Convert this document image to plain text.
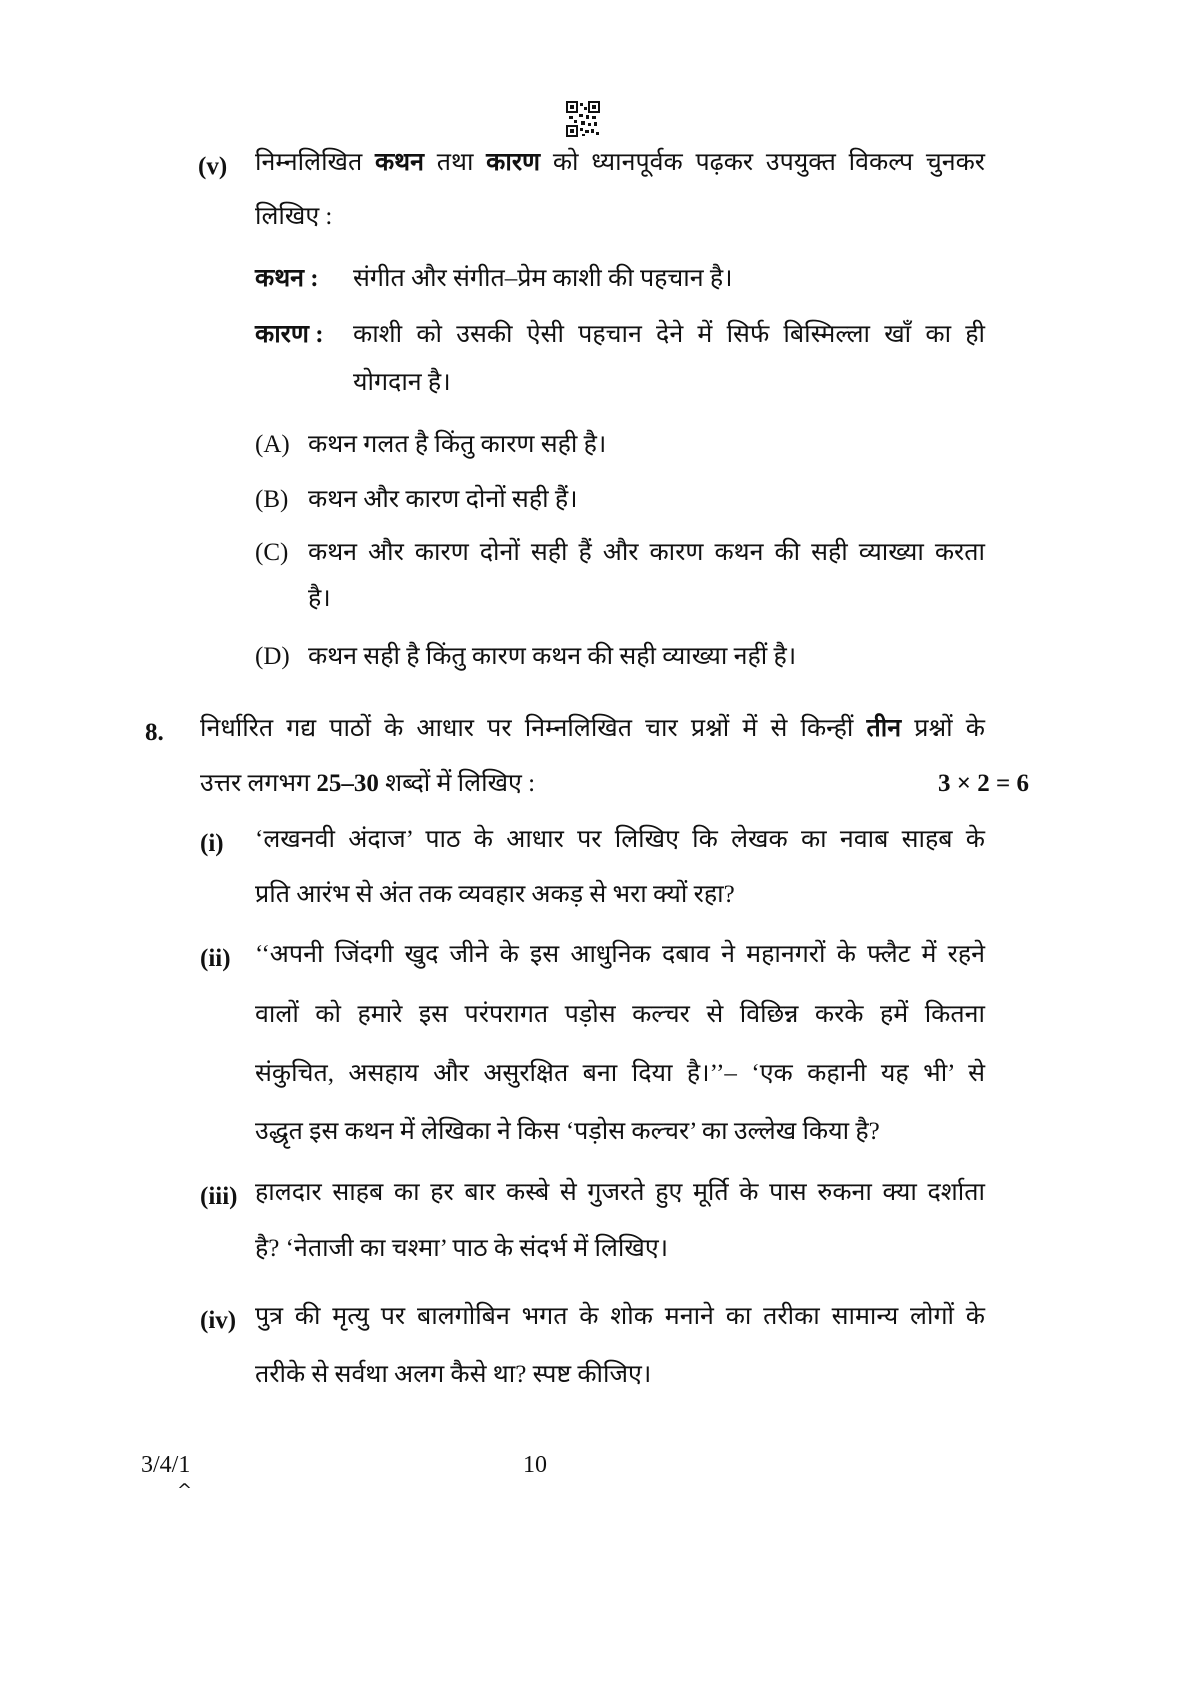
(v) निम्नलिखित कथन तथा कारण को ध्यानपूर्वक पढ़कर उपयुक्त विकल्प चुनकर
लिखिए :
कथन : संगीत और संगीत–प्रेम काशी की पहचान है।
कारण : काशी को उसकी ऐसी पहचान देने में सिर्फ बिस्मिल्ला खाँ का ही
योगदान है।
(A) कथन गलत है किंतु कारण सही है।
(B) कथन और कारण दोनों सही हैं।
(C) कथन और कारण दोनों सही हैं और कारण कथन की सही व्याख्या करता
है।
(D) कथन सही है किंतु कारण कथन की सही व्याख्या नहीं है।
8. निर्धारित गद्य पाठों के आधार पर निम्नलिखित चार प्रश्नों में से किन्हीं तीन प्रश्नों के
उत्तर लगभग 25–30 शब्दों में लिखिए :	3 × 2 = 6
(i) ‘लखनवी अंदाज’ पाठ के आधार पर लिखिए कि लेखक का नवाब साहब के
प्रति आरंभ से अंत तक व्यवहार अकड़ से भरा क्यों रहा?
(ii) ‘‘अपनी जिंदगी खुद जीने के इस आधुनिक दबाव ने महानगरों के फ्लैट में रहने
वालों को हमारे इस परंपरागत पड़ोस कल्चर से विछिन्न करके हमें कितना
संकुचित, असहाय और असुरक्षित बना दिया है।’’– ‘एक कहानी यह भी’ से
उद्धृत इस कथन में लेखिका ने किस ‘पड़ोस कल्चर’ का उल्लेख किया है?
(iii) हालदार साहब का हर बार कस्बे से गुजरते हुए मूर्ति के पास रुकना क्या दर्शाता
है? ‘नेताजी का चश्मा’ पाठ के संदर्भ में लिखिए।
(iv) पुत्र की मृत्यु पर बालगोबिन भगत के शोक मनाने का तरीका सामान्य लोगों के
तरीके से सर्वथा अलग कैसे था? स्पष्ट कीजिए।
3/4/1
^
10
